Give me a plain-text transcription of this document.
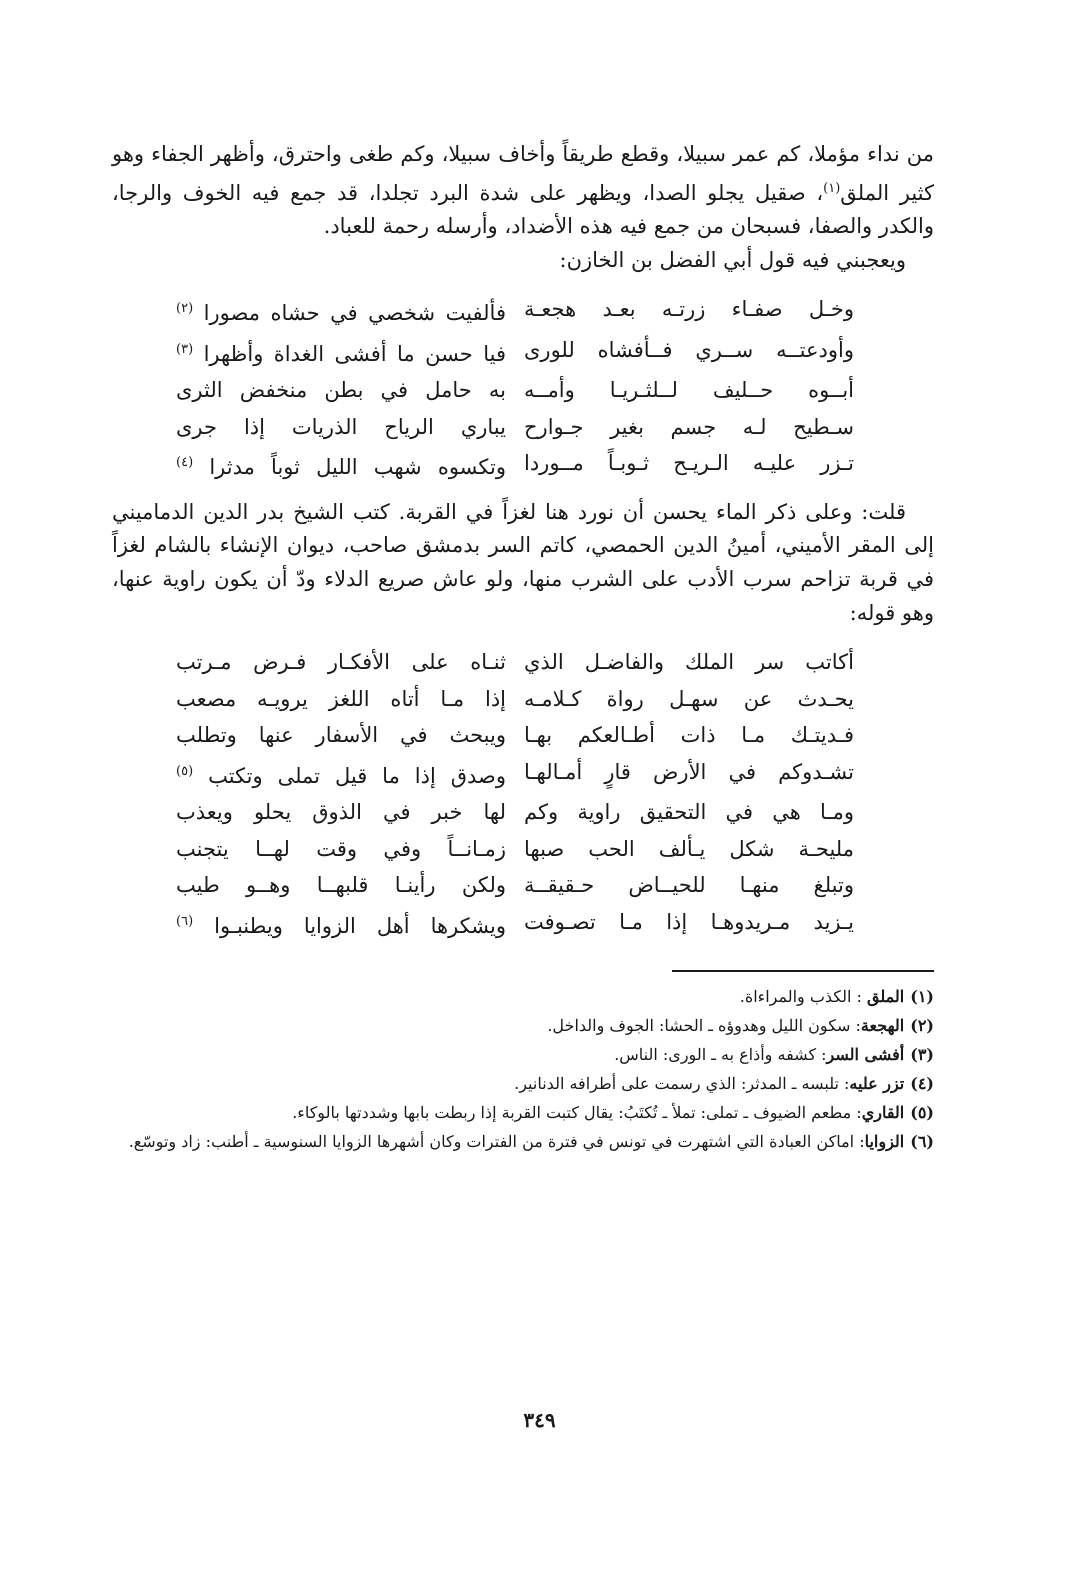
من نداء مؤملا، كم عمر سبيلا، وقطع طريقاً وأخاف سبيلا، وكم طغى واحترق، وأظهر الجفاء وهو كثير الملق$^{(١)}$، صقيل يجلو الصدا، ويظهر على شدة البرد تجلدا، قد جمع فيه الخوف والرجا، والكدر والصفا، فسبحان من جمع فيه هذه الأضداد، وأرسله رحمة للعباد.

ويعجبني فيه قول أبي الفضل بن الخازن:

وخـل صفـاء زرتـه بعـد هجعـة
فألفيت شخصي في حشاه مصورا $^{(٢)}$
وأودعتــه ســري فــأفشاه للورى
فيا حسن ما أفشى الغداة وأظهرا $^{(٣)}$
أبــوه حــليف لــلثـريـا وأمــه
به حامل في بطن منخفض الثرى
سـطيح لـه جسم بغير جـوارح
يباري الرياح الذريات إذا جرى
تـزر عليـه الـريـح ثـوبـاً مــوردا
وتكسوه شهب الليل ثوباً مدثرا $^{(٤)}$

قلت: وعلى ذكر الماء يحسن أن نورد هنا لغزاً في القربة. كتب الشيخ بدر الدين الدماميني إلى المقر الأميني، أمينُ الدين الحمصي، كاتم السر بدمشق صاحب، ديوان الإنشاء بالشام لغزاً في قربة تزاحم سرب الأدب على الشرب منها، ولو عاش صريع الدلاء ودّ أن يكون راوية عنها، وهو قوله:

أكاتب سر الملك والفاضـل الذي
ثنـاه على الأفكـار فـرض مـرتب
يحـدث عن سهـل رواة كـلامـه
إذا مـا أتاه اللغز يرويـه مصعب
فـديتـك مـا ذات أطـالعكم بهـا
ويبحث في الأسفار عنها وتطلب
تشـدوكم في الأرض قارٍ أمـالهـا
وصدق إذا ما قيل تملى وتكتب $^{(٥)}$
ومـا هي في التحقيق راوية وكم
لها خبر في الذوق يحلو ويعذب
مليحـة شكل يـألف الحب صبها
زمـانــاً وفي وقت لهــا يتجنب
وتبلغ منهـا للحيــاض حـقيقــة
ولكن رأينـا قلبهــا وهــو طيب
يـزيد مـريدوهـا إذا مـا تصـوفت
ويشكرها أهل الزوايا ويطنبـوا $^{(٦)}$
(١)
الملق : الكذب والمراءاة.
(٢)
الهجعة: سكون الليل وهدوؤه ـ الحشا: الجوف والداخل.
(٣)
أفشى السر: كشفه وأذاع به ـ الورى: الناس.
(٤)
تزر عليه: تلبسه ـ المدثر: الذي رسمت على أطرافه الدنانير.
(٥)
القاري: مطعم الضيوف ـ تملى: تملأ ـ تُكتَبُ: يقال كتبت القربة إذا ربطت بابها وشددتها بالوكاء.
(٦)
الزوايا: اماكن العبادة التي اشتهرت في تونس في فترة من الفترات وكان أشهرها الزوايا السنوسية ـ أطنب: زاد وتوسّع.
٣٤٩
